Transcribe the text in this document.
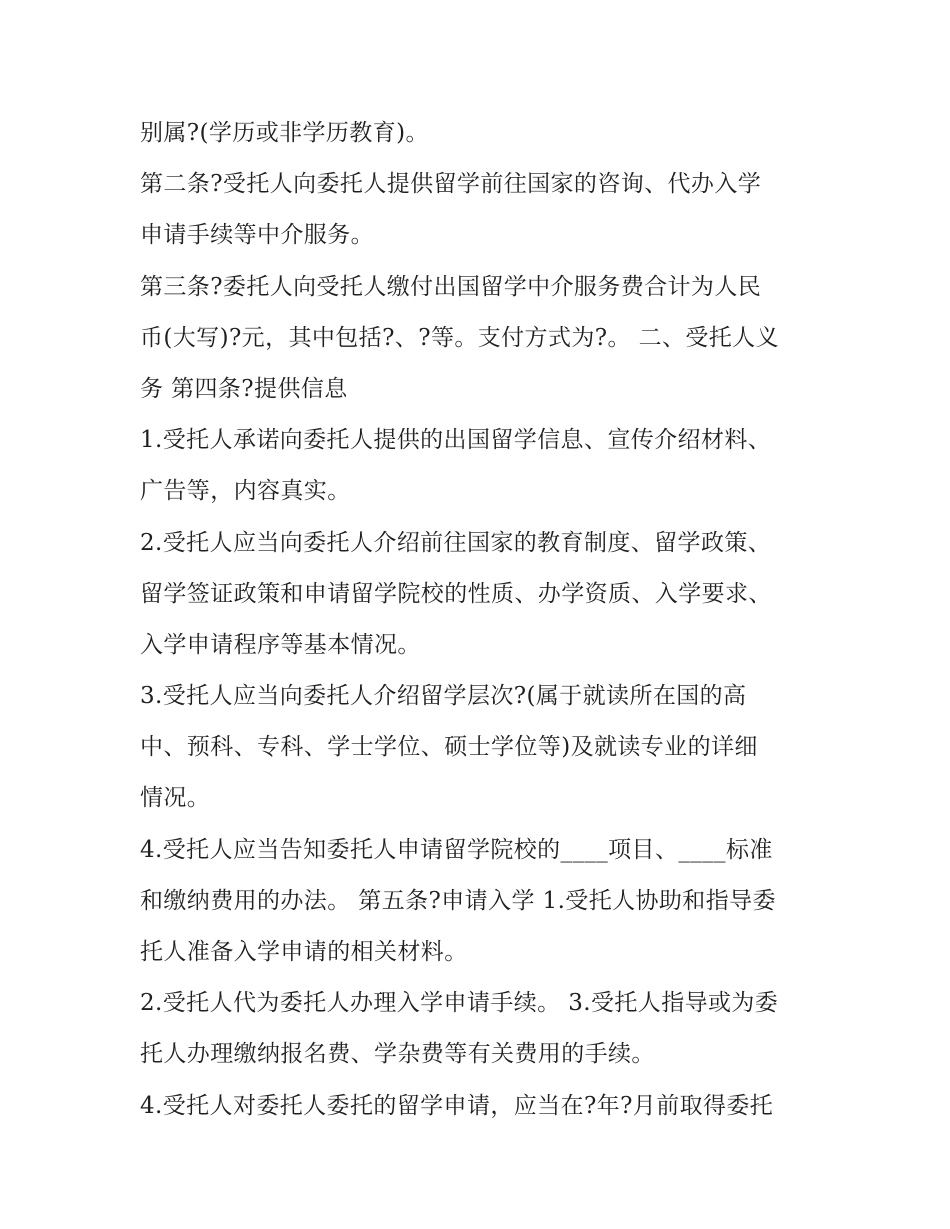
别属?(学历或非学历教育)。
第二条?受托人向委托人提供留学前往国家的咨询、代办入学
申请手续等中介服务。
第三条?委托人向受托人缴付出国留学中介服务费合计为人民
币(大写)?元，其中包括?、?等。支付方式为?。 二、受托人义
务 第四条?提供信息
1.受托人承诺向委托人提供的出国留学信息、宣传介绍材料、
广告等，内容真实。
2.受托人应当向委托人介绍前往国家的教育制度、留学政策、
留学签证政策和申请留学院校的性质、办学资质、入学要求、
入学申请程序等基本情况。
3.受托人应当向委托人介绍留学层次?(属于就读所在国的高
中、预科、专科、学士学位、硕士学位等)及就读专业的详细
情况。
4.受托人应当告知委托人申请留学院校的____项目、____标准
和缴纳费用的办法。 第五条?申请入学 1.受托人协助和指导委
托人准备入学申请的相关材料。
2.受托人代为委托人办理入学申请手续。 3.受托人指导或为委
托人办理缴纳报名费、学杂费等有关费用的手续。
4.受托人对委托人委托的留学申请，应当在?年?月前取得委托
